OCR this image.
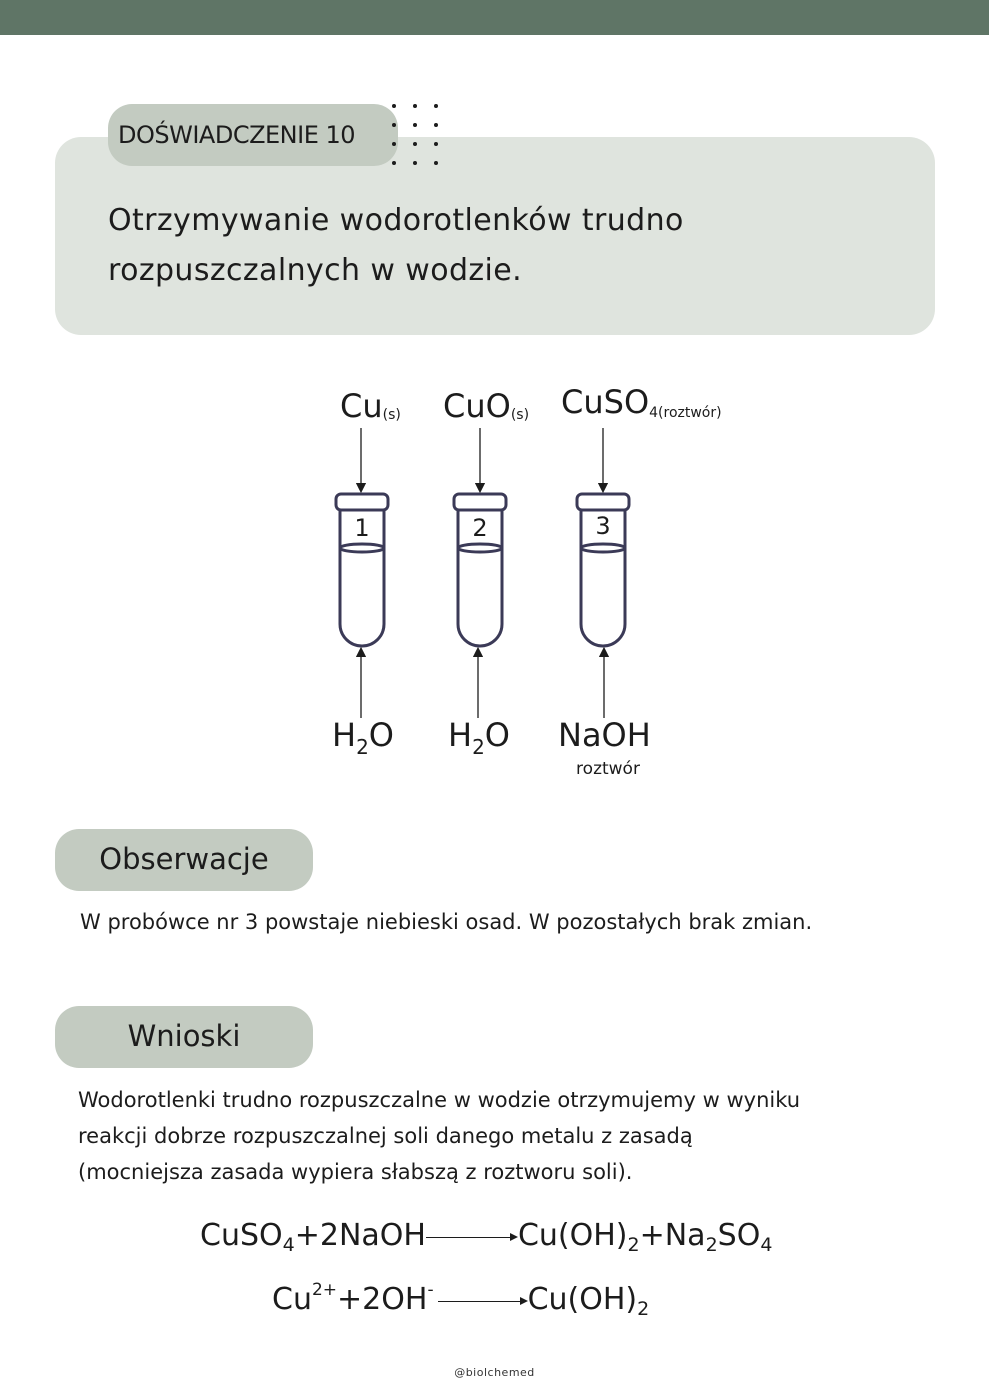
DOŚWIADCZENIE 10
Otrzymywanie wodorotlenków trudno
rozpuszczalnych w wodzie.
Cu(s) CuO(s) CuSO4(roztwór)
$H_2O$ $H_2O$ NaOH
roztwór
1	2	3
Obserwacje
W probówce nr 3 powstaje niebieski osad. W pozostałych brak zmian.
Wnioski
Wodorotlenki trudno rozpuszczalne w wodzie otrzymujemy w wyniku
reakcji dobrze rozpuszczalnej soli danego metalu z zasadą
(mocniejsza zasada wypiera słabszą z roztworu soli).
CuSO$_4$+2NaOH	$Cu(OH)_2+Na_2SO_4$
$Cu^{2+}+2OH^-$	$Cu(OH)_2$
@biolchemed
